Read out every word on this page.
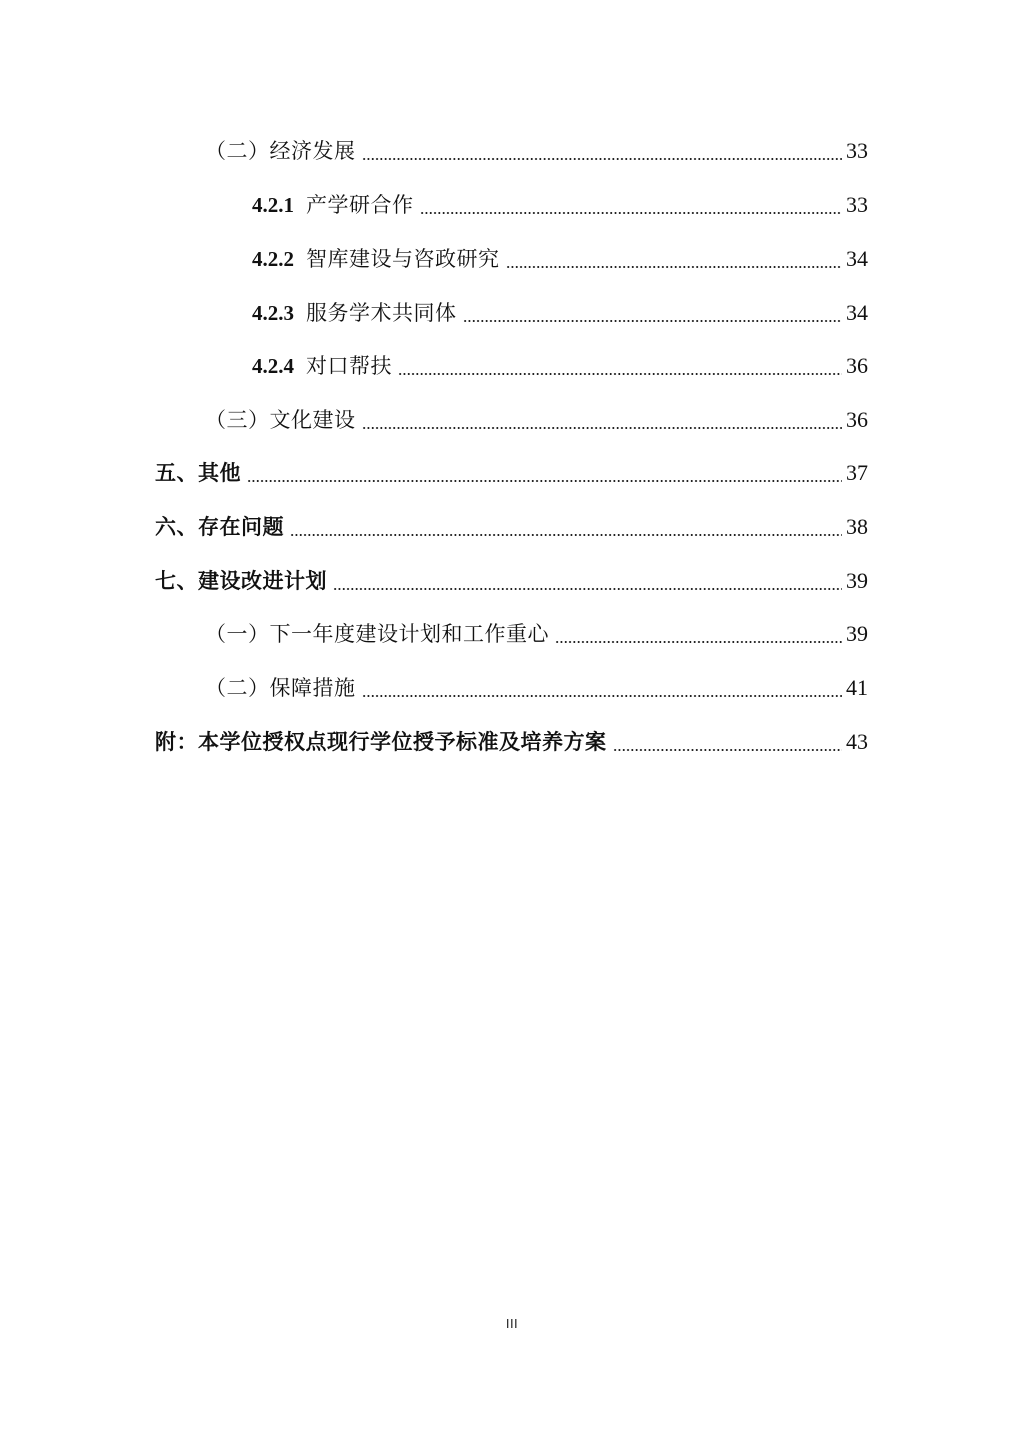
（二）经济发展	33
4.2.1 产学研合作	33
4.2.2 智库建设与咨政研究	34
4.2.3 服务学术共同体	34
4.2.4 对口帮扶	36
（三）文化建设	36
五、其他	37
六、存在问题	38
七、建设改进计划	39
（一）下一年度建设计划和工作重心	39
（二）保障措施	41
附：本学位授权点现行学位授予标准及培养方案	43
III
